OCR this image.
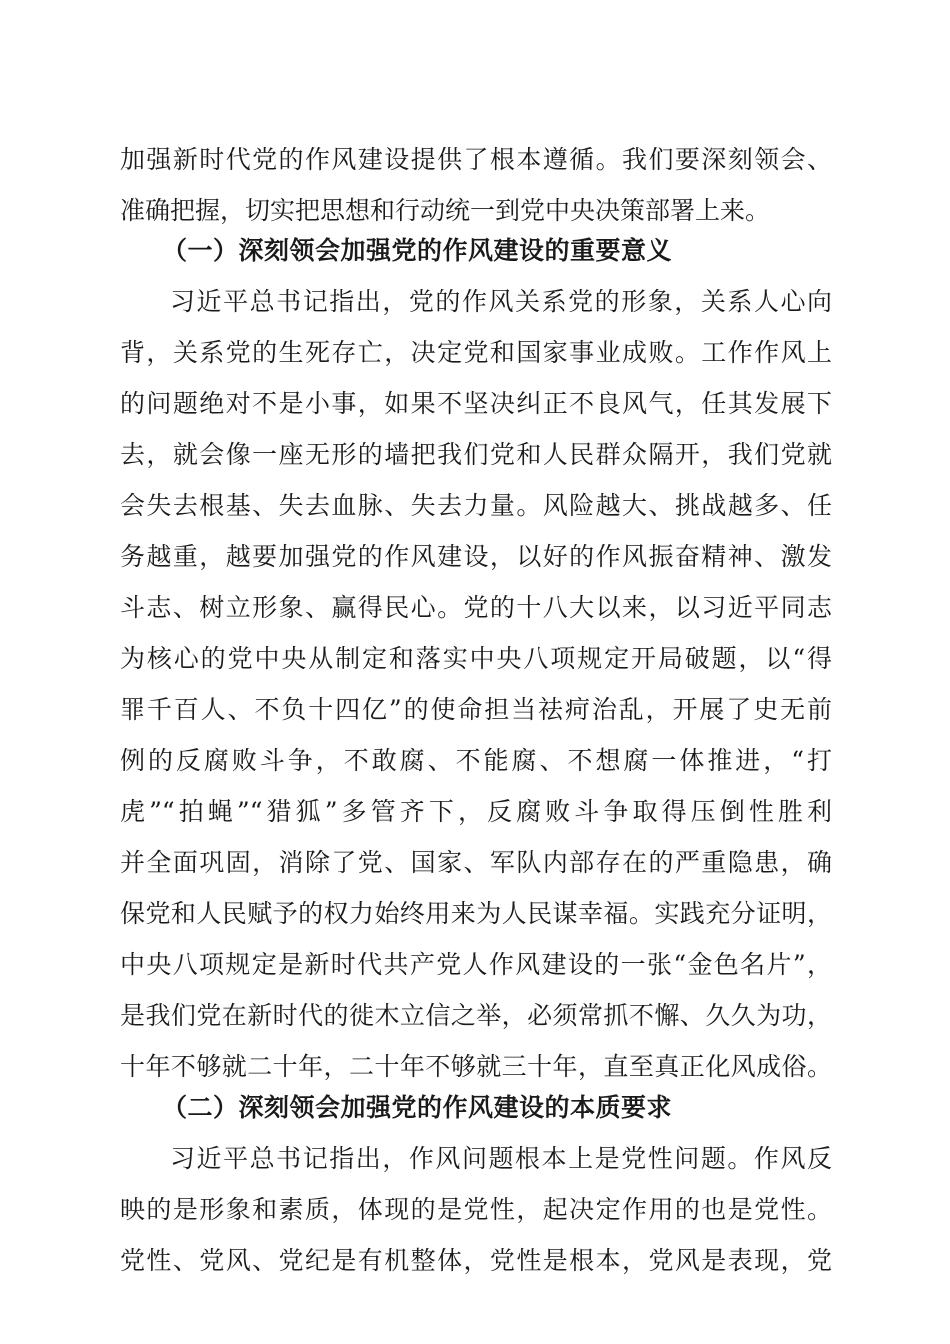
加强新时代党的作风建设提供了根本遵循。我们要深刻领会、
准确把握，切实把思想和行动统一到党中央决策部署上来。
（一）深刻领会加强党的作风建设的重要意义
习近平总书记指出，党的作风关系党的形象，关系人心向
背，关系党的生死存亡，决定党和国家事业成败。工作作风上
的问题绝对不是小事，如果不坚决纠正不良风气，任其发展下
去，就会像一座无形的墙把我们党和人民群众隔开，我们党就
会失去根基、失去血脉、失去力量。风险越大、挑战越多、任
务越重，越要加强党的作风建设，以好的作风振奋精神、激发
斗志、树立形象、赢得民心。党的十八大以来，以习近平同志
为核心的党中央从制定和落实中央八项规定开局破题，以“得
罪千百人、不负十四亿”的使命担当祛疴治乱，开展了史无前
例的反腐败斗争，不敢腐、不能腐、不想腐一体推进，“打
虎”“拍蝇”“猎狐”多管齐下，反腐败斗争取得压倒性胜利
并全面巩固，消除了党、国家、军队内部存在的严重隐患，确
保党和人民赋予的权力始终用来为人民谋幸福。实践充分证明，
中央八项规定是新时代共产党人作风建设的一张“金色名片”，
是我们党在新时代的徙木立信之举，必须常抓不懈、久久为功，
十年不够就二十年，二十年不够就三十年，直至真正化风成俗。
（二）深刻领会加强党的作风建设的本质要求
习近平总书记指出，作风问题根本上是党性问题。作风反
映的是形象和素质，体现的是党性，起决定作用的也是党性。
党性、党风、党纪是有机整体，党性是根本，党风是表现，党
